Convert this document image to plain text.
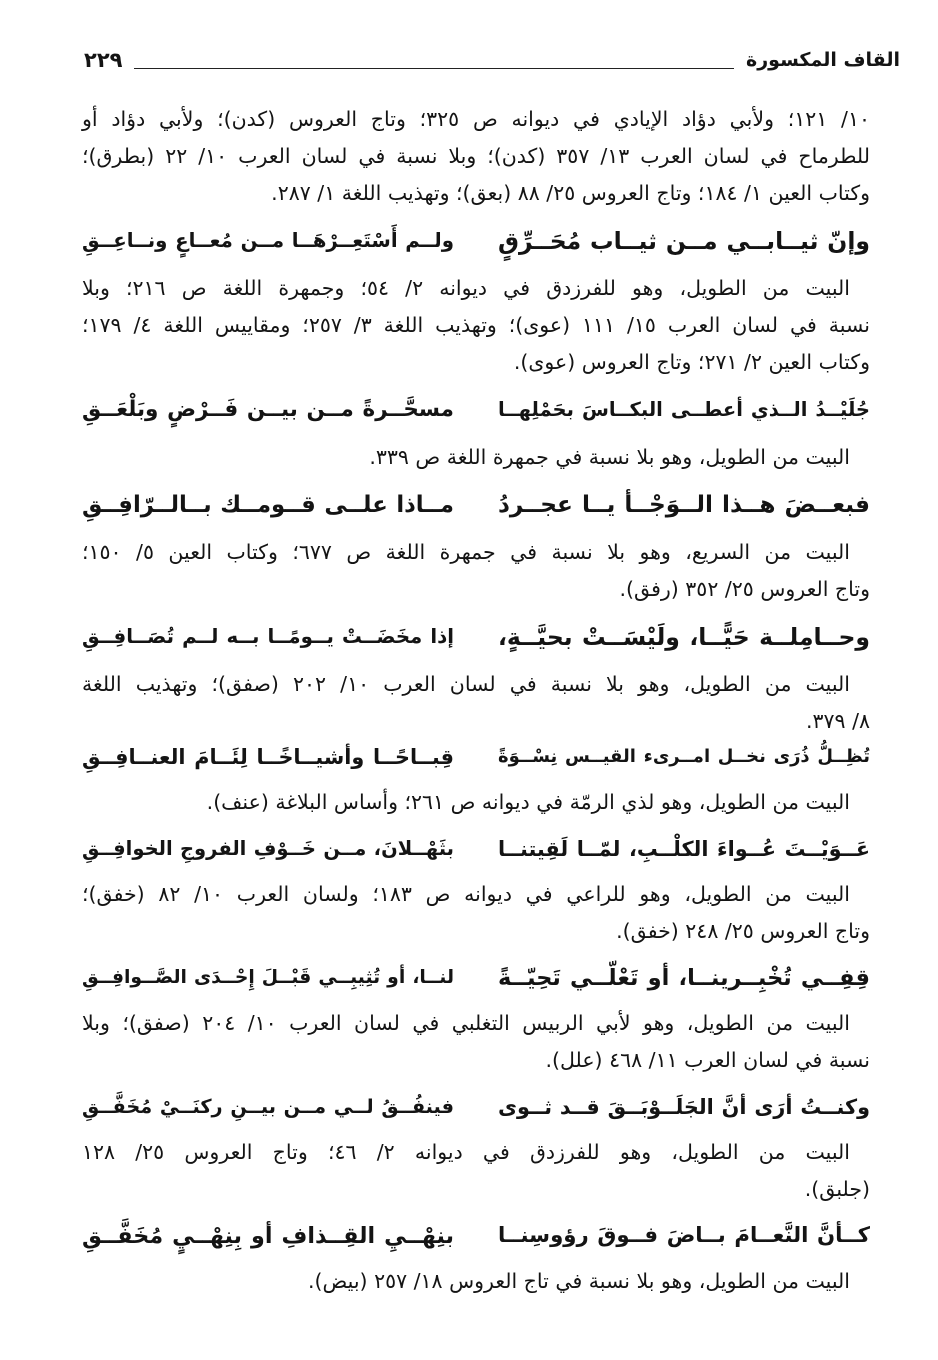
القاف المكسورة
٢٢٩
١٠/ ١٢١؛ ولأبي دؤاد الإيادي في ديوانه ص ٣٢٥؛ وتاج العروس (كدن)؛ ولأبي دؤاد أو
للطرماح في لسان العرب ١٣/ ٣٥٧ (كدن)؛ وبلا نسبة في لسان العرب ١٠/ ٢٢ (بطرق)؛
وكتاب العين ١/ ١٨٤؛ وتاج العروس ٢٥/ ٨٨ (بعق)؛ وتهذيب اللغة ١/ ٢٨٧.
وإنّ ثيــابــي مــن ثيــاب مُحَــرِّقٍ
ولــم أَسْتَعِــرْهَــا مــن مُعــاعٍ ونــاعِــقِ
البيت من الطويل، وهو للفرزدق في ديوانه ٢/ ٥٤؛ وجمهرة اللغة ص ٢١٦؛ وبلا
نسبة في لسان العرب ١٥/ ١١١ (عوى)؛ وتهذيب اللغة ٣/ ٢٥٧؛ ومقاييس اللغة ٤/ ١٧٩؛
وكتاب العين ٢/ ٢٧١؛ وتاج العروس (عوى).
جُلَيْــدُ الــذي أعطــى البكــاسَ بحَمْلِهــا
مسحَّــرةً مــن بيــن فَــرْضٍ وبَلْعَــقِ
البيت من الطويل، وهو بلا نسبة في جمهرة اللغة ص ٣٣٩.
فبعــضَ هــذا الــوَجْــأ يــا عجــردُ
مــاذا علــى قــومــك بــالــرّافِــقِ
البيت من السريع، وهو بلا نسبة في جمهرة اللغة ص ٦٧٧؛ وكتاب العين ٥/ ١٥٠؛
وتاج العروس ٢٥/ ٣٥٢ (رفق).
وحــامِلــة حَيًّــا، ولَيْسَــتْ بحيَّــةٍ،
إذا مخَضَــتْ يــومًــا بــه لــم تُصَــافِــقِ
البيت من الطويل، وهو بلا نسبة في لسان العرب ١٠/ ٢٠٢ (صفق)؛ وتهذيب اللغة
٨/ ٣٧٩.
تُظِــلُّ ذُرَى نخــل امــرىء القيــس نِسْــوَةً
قِبــاحًــا وأشيــاخًــا لِئَــامَ العنــافِــقِ
البيت من الطويل، وهو لذي الرمّة في ديوانه ص ٢٦١؛ وأساس البلاغة (عنف).
عَــوَيْــتَ عُــواءَ الكلْــبِ، لمّــا لَقِيتنــا
بثَهْــلانَ، مــن خَــوْفِ الفروجِ الخوافِــقِ
البيت من الطويل، وهو للراعي في ديوانه ص ١٨٣؛ ولسان العرب ١٠/ ٨٢ (خفق)؛
وتاج العروس ٢٥/ ٢٤٨ (خفق).
قِفِــي تُخْبِــرينــا، أو تَعْلّــي تَحِيّــةً
لنــا، أو تُثِيبِــي قَبْــلَ إِحْــدَى الصَّــوافِــقِ
البيت من الطويل، وهو لأبي الربيس التغلبي في لسان العرب ١٠/ ٢٠٤ (صفق)؛ وبلا
نسبة في لسان العرب ١١/ ٤٦٨ (علل).
وكنــتُ أرَى أنَّ الجَلَــوْبَــقَ قــد ثــوى
فينفُــقُ لــي مــن بيــنِ ركنَــيْ مُخَفَّــقِ
البيت من الطويل، وهو للفرزدق في ديوانه ٢/ ٤٦؛ وتاج العروس ٢٥/ ١٢٨
(جلبق).
كــأنَّ النَّعــامَ بــاضَ فــوقَ رؤوسِنــا
بنِهْــيِ القِــذافِ أو بِنِهْــيٍ مُخَفَّــقِ
البيت من الطويل، وهو بلا نسبة في تاج العروس ١٨/ ٢٥٧ (بيض).
